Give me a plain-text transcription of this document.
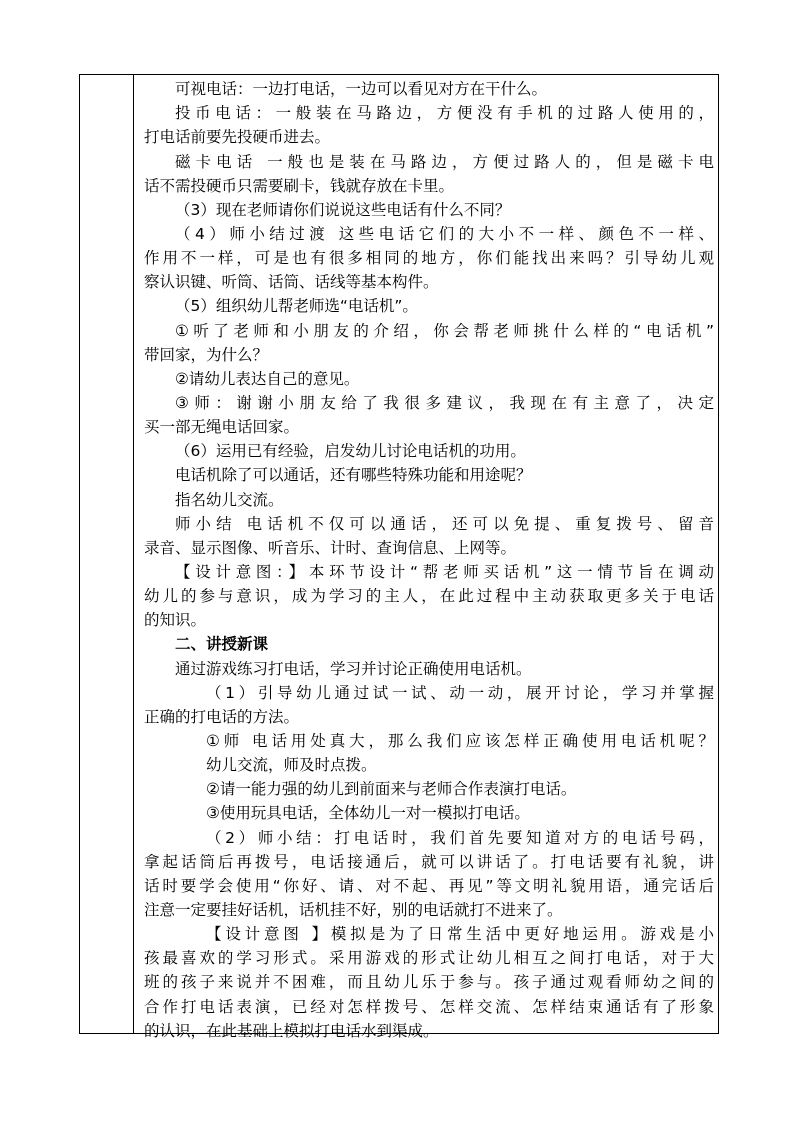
可视电话：一边打电话，一边可以看见对方在干什么。
投币电话：一般装在马路边，方便没有手机的过路人使用的，
打电话前要先投硬币进去。
磁卡电话 一般也是装在马路边，方便过路人的，但是磁卡电
话不需投硬币只需要刷卡，钱就存放在卡里。
（3）现在老师请你们说说这些电话有什么不同？
（4）师小结过渡 这些电话它们的大小不一样、颜色不一样、
作用不一样，可是也有很多相同的地方，你们能找出来吗？引导幼儿观
察认识键、听筒、话筒、话线等基本构件。
（5）组织幼儿帮老师选“电话机”。
①听了老师和小朋友的介绍，你会帮老师挑什么样的“电话机”
带回家，为什么？
②请幼儿表达自己的意见。
③师：谢谢小朋友给了我很多建议，我现在有主意了，决定
买一部无绳电话回家。
（6）运用已有经验，启发幼儿讨论电话机的功用。
电话机除了可以通话，还有哪些特殊功能和用途呢？
指名幼儿交流。
师小结 电话机不仅可以通话，还可以免提、重复拨号、留音
录音、显示图像、听音乐、计时、查询信息、上网等。
【设计意图：】本环节设计“帮老师买话机”这一情节旨在调动
幼儿的参与意识，成为学习的主人，在此过程中主动获取更多关于电话
的知识。
二、讲授新课
通过游戏练习打电话，学习并讨论正确使用电话机。
（1）引导幼儿通过试一试、动一动，展开讨论，学习并掌握
正确的打电话的方法。
①师 电话用处真大，那么我们应该怎样正确使用电话机呢？
幼儿交流，师及时点拨。
②请一能力强的幼儿到前面来与老师合作表演打电话。
③使用玩具电话，全体幼儿一对一模拟打电话。
（2）师小结：打电话时，我们首先要知道对方的电话号码，
拿起话筒后再拨号，电话接通后，就可以讲话了。打电话要有礼貌，讲
话时要学会使用“你好、请、对不起、再见”等文明礼貌用语，通完话后
注意一定要挂好话机，话机挂不好，别的电话就打不进来了。
【设计意图 】模拟是为了日常生活中更好地运用。游戏是小
孩最喜欢的学习形式。采用游戏的形式让幼儿相互之间打电话，对于大
班的孩子来说并不困难，而且幼儿乐于参与。孩子通过观看师幼之间的
合作打电话表演，已经对怎样拨号、怎样交流、怎样结束通话有了形象
的认识，在此基础上模拟打电话水到渠成。
